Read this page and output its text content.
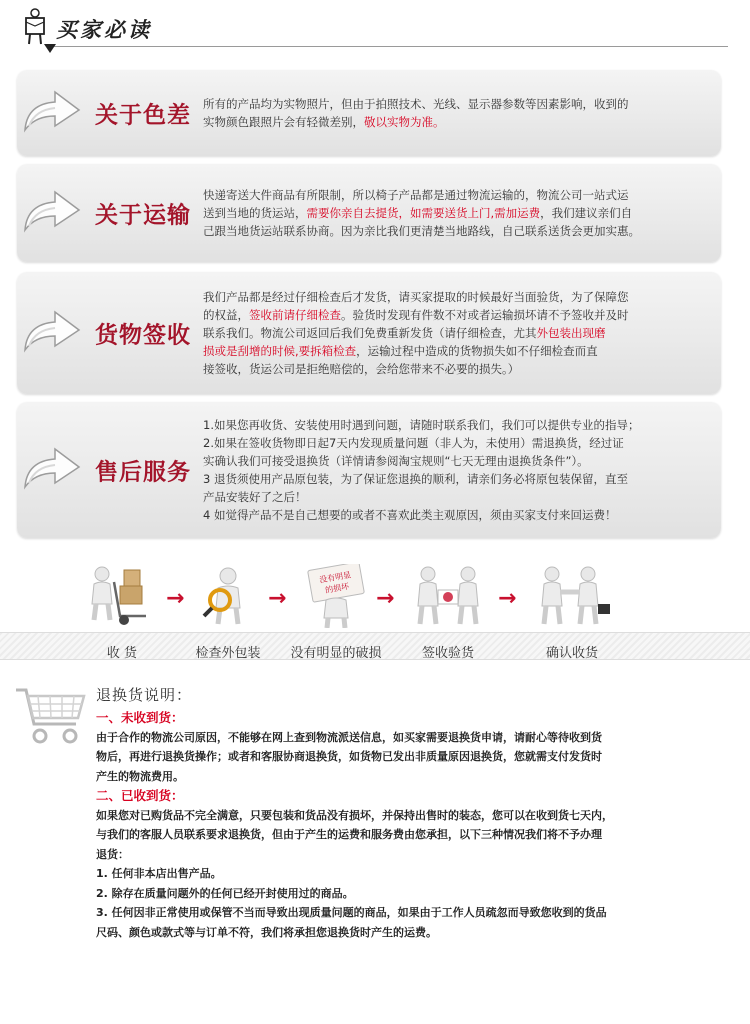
买家必读
关于色差 所有的产品均为实物照片，但由于拍照技术、光线、显示器参数等因素影响，收到的
实物颜色跟照片会有轻微差别，敬以实物为准。
关于运输
快递寄送大件商品有所限制，所以椅子产品都是通过物流运输的，物流公司一站式运
送到当地的货运站，需要你亲自去提货，如需要送货上门,需加运费，我们建议亲们自
己跟当地货运站联系协商。因为亲比我们更清楚当地路线，自己联系送货会更加实惠。
货物签收
我们产品都是经过仔细检查后才发货，请买家提取的时候最好当面验货，为了保障您
的权益，签收前请仔细检查。验货时发现有件数不对或者运输损坏请不予签收并及时
联系我们。物流公司返回后我们免费重新发货（请仔细检查，尤其外包装出现磨
损或是刮增的时候,要拆箱检查，运输过程中造成的货物损失如不仔细检查而直
接签收，货运公司是拒绝赔偿的，会给您带来不必要的损失。）
售后服务
1.如果您再收货、安装使用时遇到问题，请随时联系我们，我们可以提供专业的指导；
2.如果在签收货物即日起7天内发现质量问题（非人为，未使用）需退换货，经过证
实确认我们可接受退换货（详情请参阅淘宝规则“七天无理由退换货条件”）。
3 退货须使用产品原包装，为了保证您退换的顺利，请亲们务必将原包装保留，直至
产品安装好了之后！
4 如觉得产品不是自己想要的或者不喜欢此类主观原因，须由买家支付来回运费！
→	→
没有明显
的损坏 →	→
收 货	检查外包装 没有明显的破损	签收验货	确认收货
退换货说明：
一、未收到货：
由于合作的物流公司原因，不能够在网上查到物流派送信息，如买家需要退换货申请，请耐心等待收到货
物后，再进行退换货操作；或者和客服协商退换货，如货物已发出非质量原因退换货，您就需支付发货时
产生的物流费用。
二、已收到货：
如果您对已购货品不完全满意，只要包装和货品没有损坏，并保持出售时的装态，您可以在收到货七天内，
与我们的客服人员联系要求退换货，但由于产生的运费和服务费由您承担，以下三种情况我们将不予办理
退货：
1. 任何非本店出售产品。
2. 除存在质量问题外的任何已经开封使用过的商品。
3. 任何因非正常使用或保管不当而导致出现质量问题的商品，如果由于工作人员疏忽而导致您收到的货品
尺码、颜色或款式等与订单不符，我们将承担您退换货时产生的运费。
